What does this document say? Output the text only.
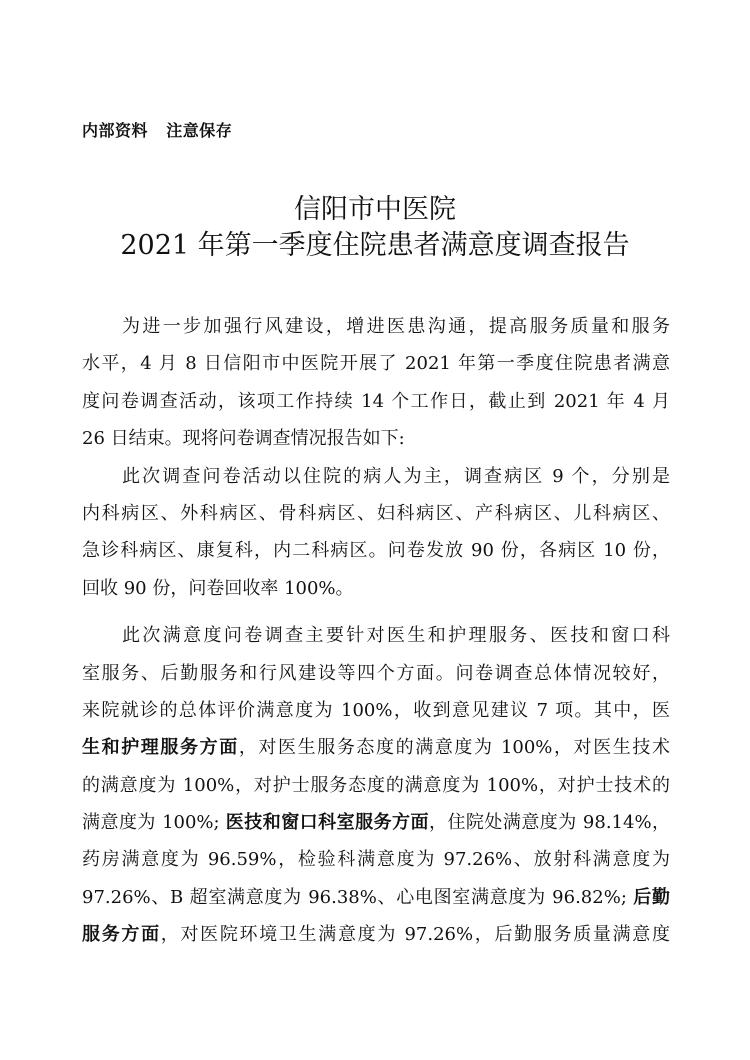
内部资料   注意保存
信阳市中医院
2021 年第一季度住院患者满意度调查报告
为进一步加强行风建设，增进医患沟通，提高服务质量和服务
水平，4 月 8 日信阳市中医院开展了 2021 年第一季度住院患者满意
度问卷调查活动，该项工作持续 14 个工作日，截止到 2021 年 4 月
26 日结束。现将问卷调查情况报告如下:
此次调查问卷活动以住院的病人为主，调查病区 9 个，分别是
内科病区、外科病区、骨科病区、妇科病区、产科病区、儿科病区、
急诊科病区、康复科，内二科病区。问卷发放 90 份，各病区 10 份，
回收 90 份，问卷回收率 100%。
此次满意度问卷调查主要针对医生和护理服务、医技和窗口科
室服务、后勤服务和行风建设等四个方面。问卷调查总体情况较好，
来院就诊的总体评价满意度为 100%，收到意见建议 7 项。其中，医
生和护理服务方面，对医生服务态度的满意度为 100%，对医生技术
的满意度为 100%，对护士服务态度的满意度为 100%，对护士技术的
满意度为 100%; 医技和窗口科室服务方面，住院处满意度为 98.14%，
药房满意度为 96.59%，检验科满意度为 97.26%、放射科满意度为
97.26%、B 超室满意度为 96.38%、心电图室满意度为 96.82%; 后勤
服务方面，对医院环境卫生满意度为 97.26%，后勤服务质量满意度
